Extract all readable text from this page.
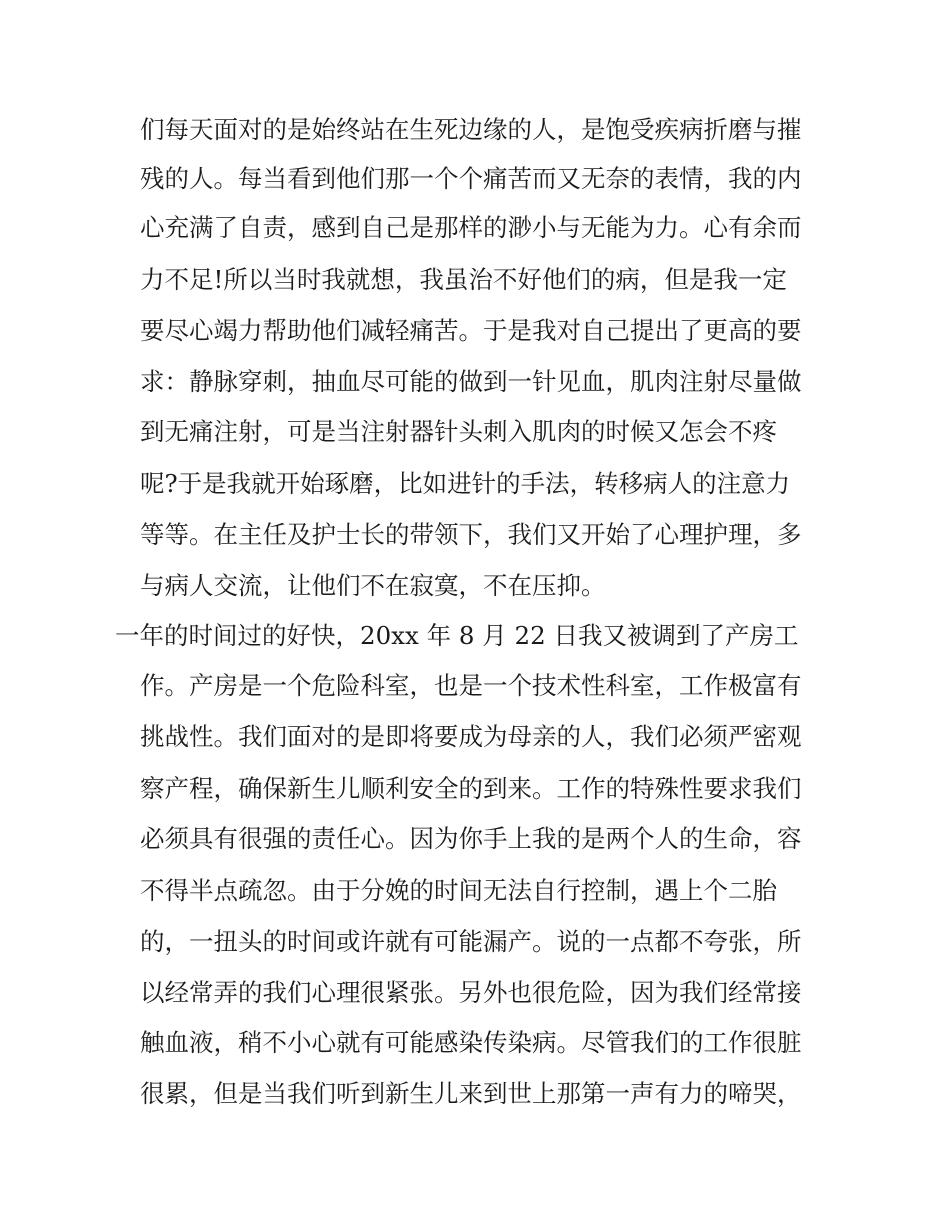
们每天面对的是始终站在生死边缘的人，是饱受疾病折磨与摧
残的人。每当看到他们那一个个痛苦而又无奈的表情，我的内
心充满了自责，感到自己是那样的渺小与无能为力。心有余而
力不足!所以当时我就想，我虽治不好他们的病，但是我一定
要尽心竭力帮助他们减轻痛苦。于是我对自己提出了更高的要
求：静脉穿刺，抽血尽可能的做到一针见血，肌肉注射尽量做
到无痛注射，可是当注射器针头刺入肌肉的时候又怎会不疼
呢?于是我就开始琢磨，比如进针的手法，转移病人的注意力
等等。在主任及护士长的带领下，我们又开始了心理护理，多
与病人交流，让他们不在寂寞，不在压抑。
一年的时间过的好快，20xx 年 8 月 22 日我又被调到了产房工
作。产房是一个危险科室，也是一个技术性科室，工作极富有
挑战性。我们面对的是即将要成为母亲的人，我们必须严密观
察产程，确保新生儿顺利安全的到来。工作的特殊性要求我们
必须具有很强的责任心。因为你手上我的是两个人的生命，容
不得半点疏忽。由于分娩的时间无法自行控制，遇上个二胎
的，一扭头的时间或许就有可能漏产。说的一点都不夸张，所
以经常弄的我们心理很紧张。另外也很危险，因为我们经常接
触血液，稍不小心就有可能感染传染病。尽管我们的工作很脏
很累，但是当我们听到新生儿来到世上那第一声有力的啼哭，
